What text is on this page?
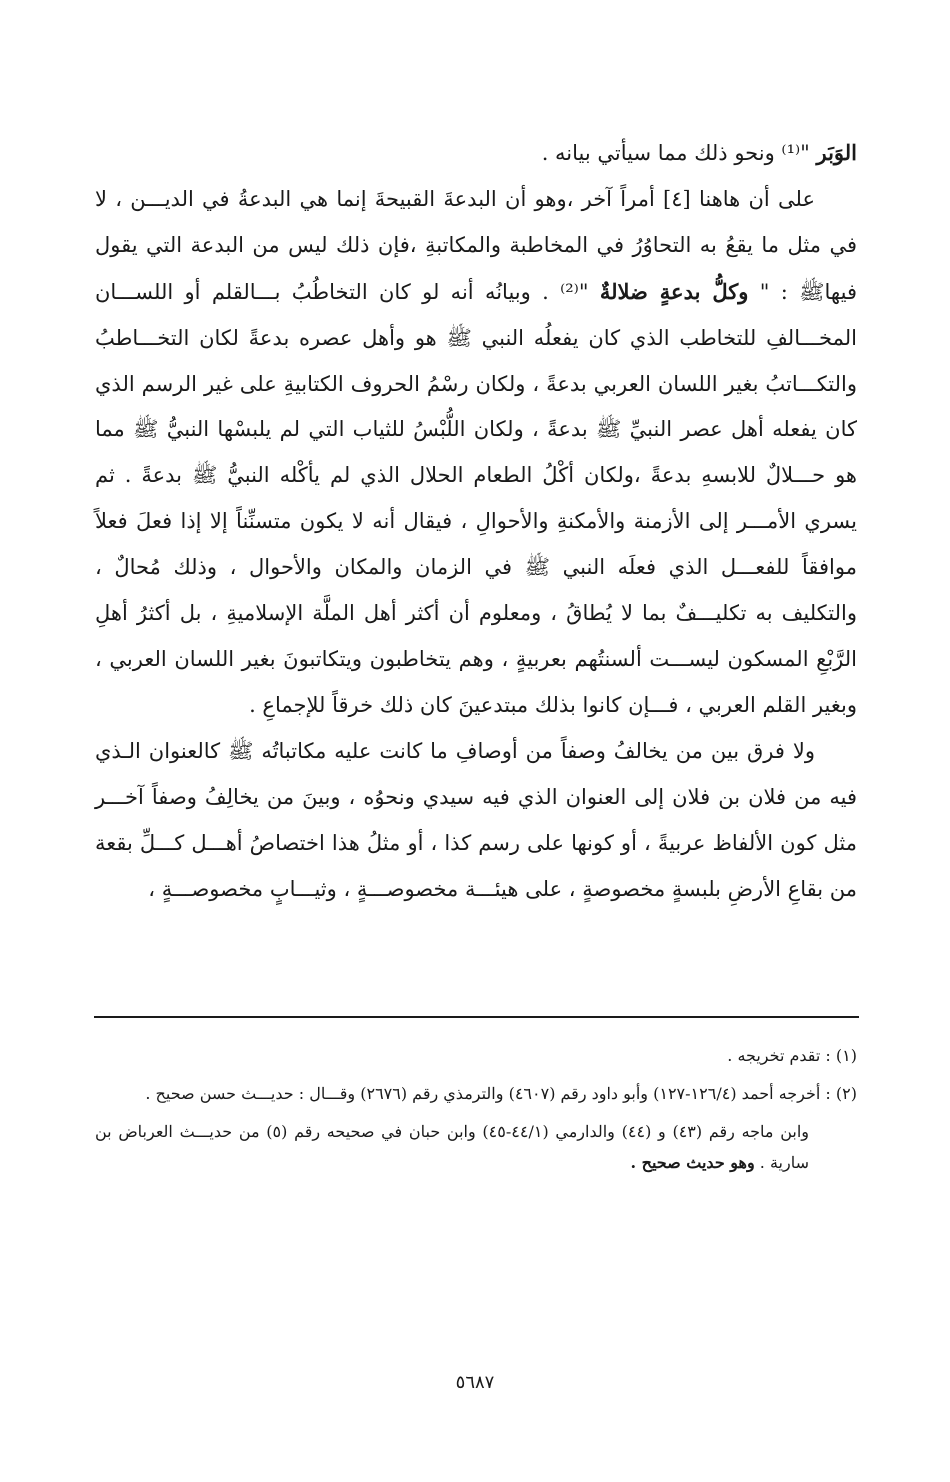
الوَبَر "⁽¹⁾ ونحو ذلك مما سيأتي بيانه .

على أن هاهنا [٤] أمراً آخر ،وهو أن البدعةَ القبيحةَ إنما هي البدعةُ في الديـــن ، لا في مثل ما يقعُ به التحاوُرُ في المخاطبة والمكاتبةِ ،فإن ذلك ليس من البدعة التي يقول فيهاﷺ : " وكلُّ بدعةٍ ضلالةٌ "⁽²⁾ . وبيانُه أنه لو كان التخاطُبُ بـــالقلم أو اللســـان المخـــالفِ للتخاطب الذي كان يفعلُه النبي ﷺ هو وأهل عصره بدعةً لكان التخـــاطبُ والتكـــاتبُ بغير اللسان العربي بدعةً ، ولكان رسْمُ الحروف الكتابيةِ على غير الرسم الذي كان يفعله أهل عصر النبيِّ ﷺ بدعةً ، ولكان اللُّبْسُ للثياب التي لم يلبسْها النبيُّ ﷺ مما هو حـــلالٌ للابسهِ بدعةً ،ولكان أكْلُ الطعام الحلال الذي لم يأكْله النبيُّ ﷺ بدعةً . ثم يسري الأمـــر إلى الأزمنة والأمكنةِ والأحوالِ ، فيقال أنه لا يكون متسنِّناً إلا إذا فعلَ فعلاً موافقاً للفعـــل الذي فعلَه النبي ﷺ في الزمان والمكان والأحوال ، وذلك مُحالٌ ، والتكليف به تكليـــفٌ بما لا يُطاقُ ، ومعلوم أن أكثر أهل الملَّة الإسلاميةِ ، بل أكثرُ أهلِ الرَّبْعِ المسكون ليســـت ألسنتُهم بعربيةٍ ، وهم يتخاطبون ويتكاتبونَ بغير اللسان العربي ، وبغير القلم العربي ، فـــإن كانوا بذلك مبتدعينَ كان ذلك خرقاً للإجماعِ .

ولا فرق بين من يخالفُ وصفاً من أوصافِ ما كانت عليه مكاتباتُه ﷺ كالعنوان الـذي فيه من فلان بن فلان إلى العنوان الذي فيه سيدي ونحوُه ، وبينَ من يخالِفُ وصفاً آخـــر مثل كون الألفاظ عربيةً ، أو كونها على رسم كذا ، أو مثلُ هذا اختصاصُ أهـــل كـــلِّ بقعة من بقاعِ الأرضِ بلبسةٍ مخصوصةٍ ، على هيئـــة مخصوصـــةٍ ، وثيـــابٍ مخصوصـــةٍ ،

(١) : تقدم تخريجه .

(٢) : أخرجه أحمد (١٢٦/٤-١٢٧) وأبو داود رقم (٤٦٠٧) والترمذي رقم (٢٦٧٦) وقـــال : حديـــث حسن صحيح .

وابن ماجه رقم (٤٣) و (٤٤) والدارمي (٤٤/١-٤٥) وابن حبان في صحيحه رقم (٥) من حديـــث العرباض بن سارية . وهو حديث صحيح .

٥٦٨٧
